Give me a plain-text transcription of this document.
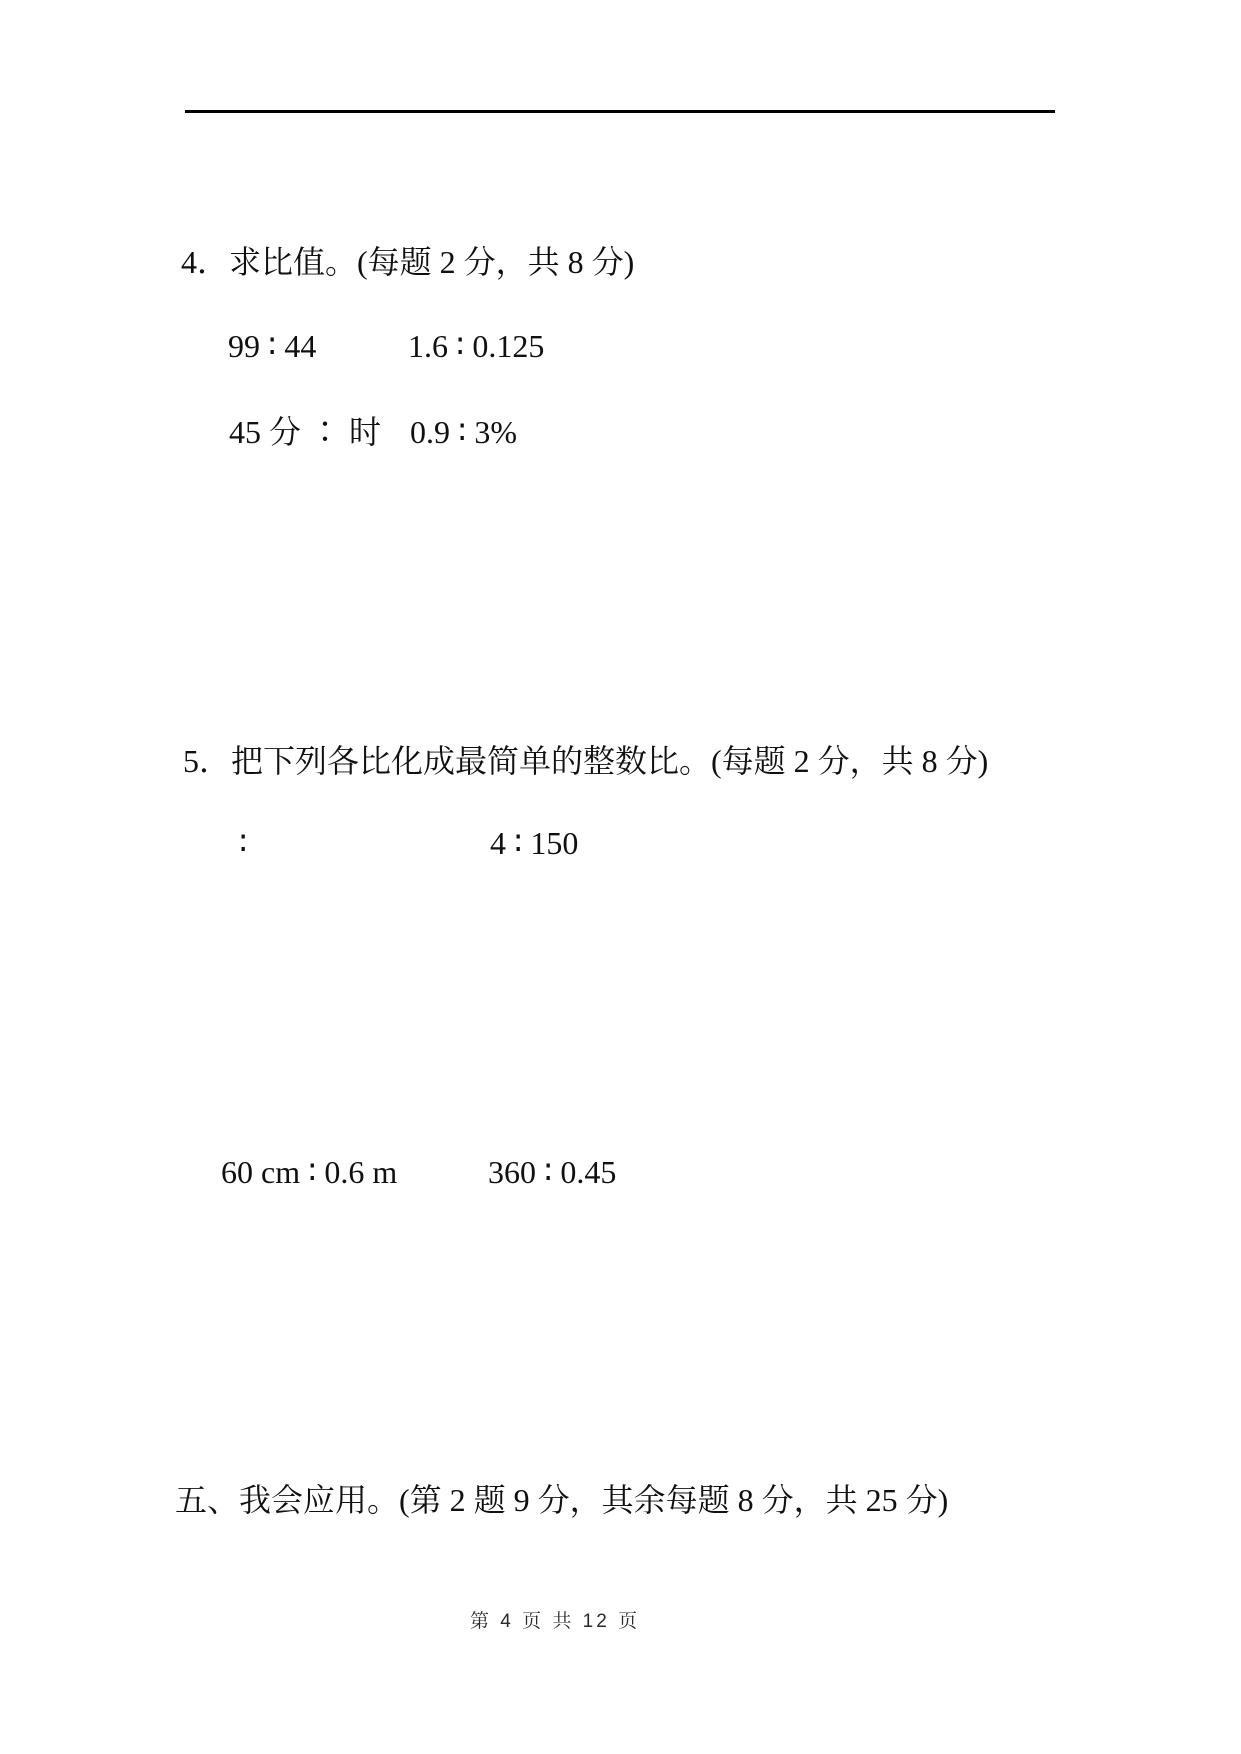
4．求比值。(每题 2 分，共 8 分)
99 ∶ 44	1.6 ∶ 0.125
45 分 ∶ 时 0.9 ∶ 3%
5．把下列各比化成最简单的整数比。(每题 2 分，共 8 分)
∶	4 ∶ 150
60 cm ∶ 0.6 m	360 ∶ 0.45
五、我会应用。(第 2 题 9 分，其余每题 8 分，共 25 分)
第 4 页 共 12 页
